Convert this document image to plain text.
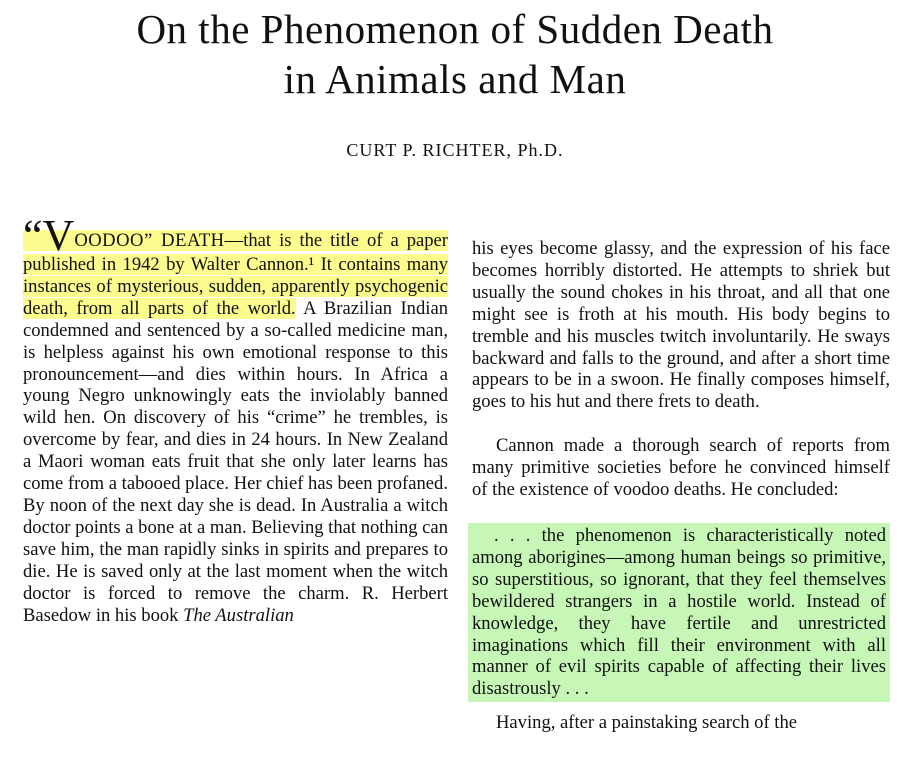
On the Phenomenon of Sudden Death
in Animals and Man
CURT P. RICHTER, Ph.D.

“VOODOO” DEATH—that is the title of a paper published in 1942 by Walter Cannon.¹ It contains many instances of mysterious, sudden, apparently psychogenic death, from all parts of the world. A Brazilian Indian condemned and sentenced by a so-called medicine man, is helpless against his own emotional response to this pronouncement—and dies within hours. In Africa a young Negro unknowingly eats the inviolably banned wild hen. On discovery of his “crime” he trembles, is overcome by fear, and dies in 24 hours. In New Zealand a Maori woman eats fruit that she only later learns has come from a tabooed place. Her chief has been profaned. By noon of the next day she is dead. In Australia a witch doctor points a bone at a man. Believing that nothing can save him, the man rapidly sinks in spirits and prepares to die. He is saved only at the last moment when the witch doctor is forced to remove the charm. R. Herbert Basedow in his book The Australian

his eyes become glassy, and the expression of his face becomes horribly distorted. He attempts to shriek but usually the sound chokes in his throat, and all that one might see is froth at his mouth. His body begins to tremble and his muscles twitch involuntarily. He sways backward and falls to the ground, and after a short time appears to be in a swoon. He finally composes himself, goes to his hut and there frets to death.

Cannon made a thorough search of reports from many primitive societies before he convinced himself of the existence of voodoo deaths. He concluded:

. . . the phenomenon is characteristically noted among aborigines—among human beings so primitive, so superstitious, so ignorant, that they feel themselves bewildered strangers in a hostile world. Instead of knowledge, they have fertile and unrestricted imaginations which fill their environment with all manner of evil spirits capable of affecting their lives disastrously . . .

Having, after a painstaking search of the
